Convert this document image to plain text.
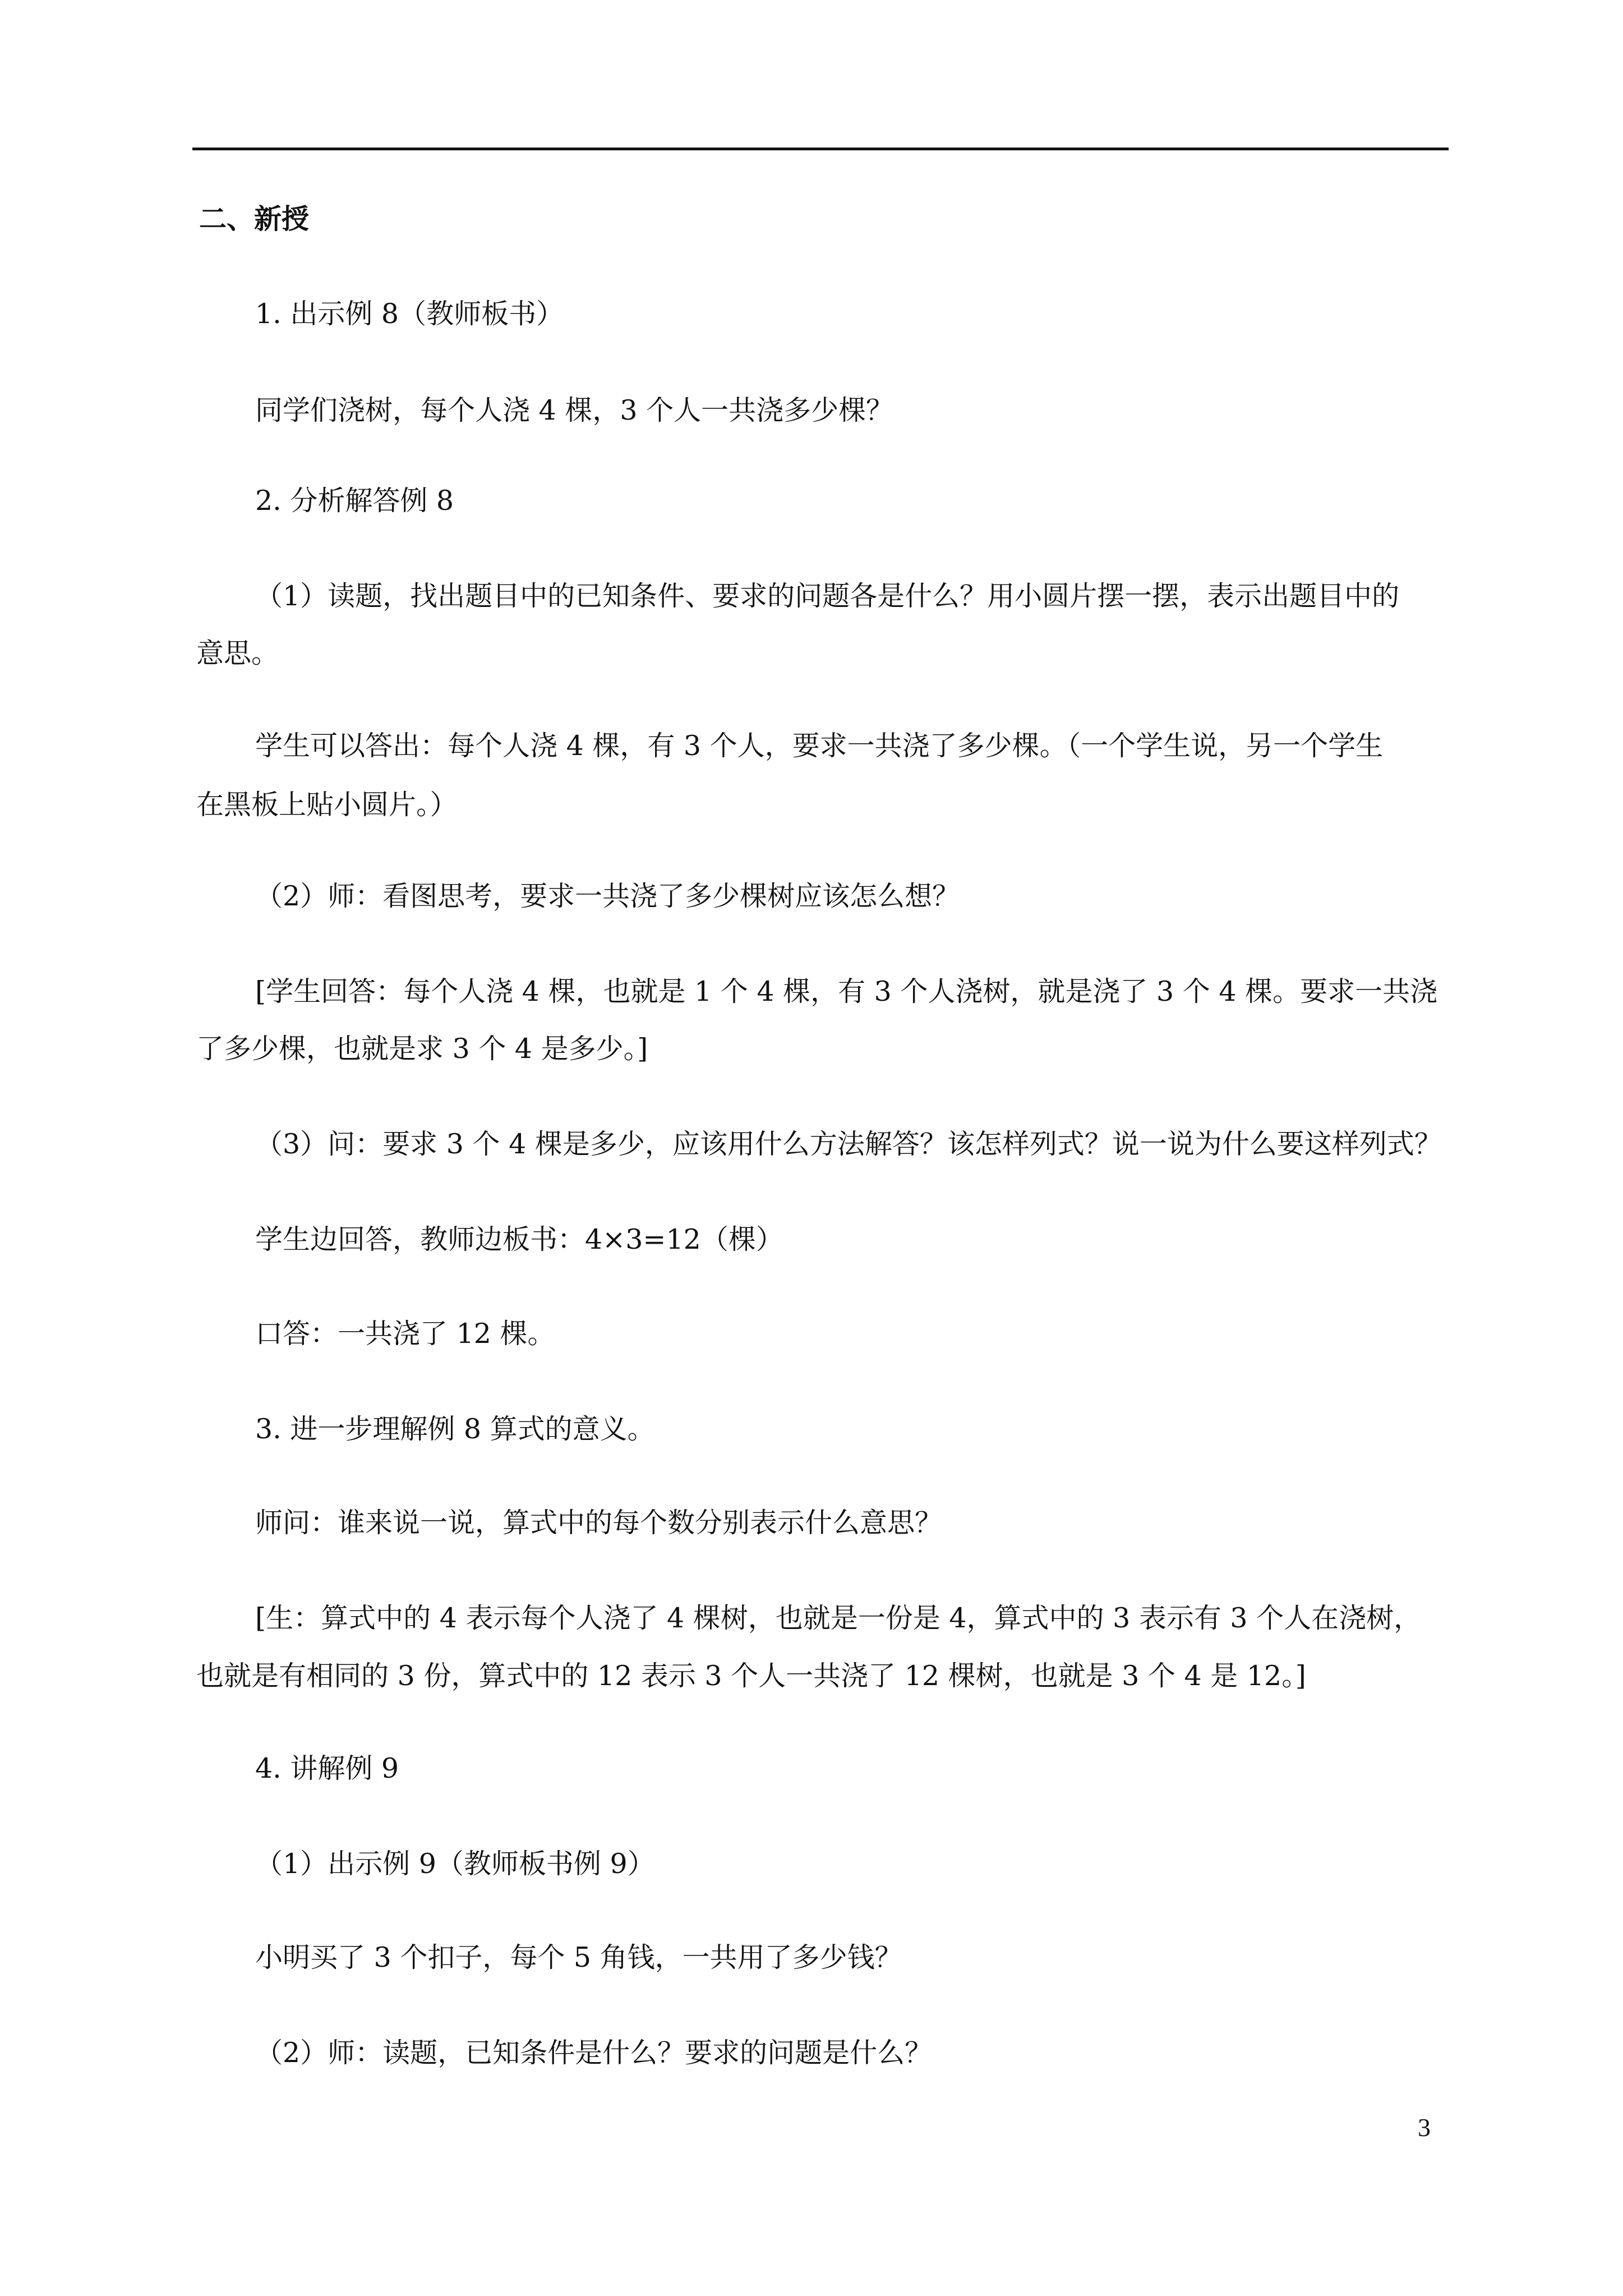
二、新授
1. 出示例 8（教师板书）
同学们浇树，每个人浇 4 棵，3 个人一共浇多少棵？
2. 分析解答例 8
（1）读题，找出题目中的已知条件、要求的问题各是什么？用小圆片摆一摆，表示出题目中的
意思。
学生可以答出：每个人浇 4 棵，有 3 个人，要求一共浇了多少棵。（一个学生说，另一个学生
在黑板上贴小圆片。）
（2）师：看图思考，要求一共浇了多少棵树应该怎么想？
[学生回答：每个人浇 4 棵，也就是 1 个 4 棵，有 3 个人浇树，就是浇了 3 个 4 棵。要求一共浇
了多少棵，也就是求 3 个 4 是多少。]
（3）问：要求 3 个 4 棵是多少，应该用什么方法解答？该怎样列式？说一说为什么要这样列式？
学生边回答，教师边板书：4×3=12（棵）
口答：一共浇了 12 棵。
3. 进一步理解例 8 算式的意义。
师问：谁来说一说，算式中的每个数分别表示什么意思？
[生：算式中的 4 表示每个人浇了 4 棵树，也就是一份是 4，算式中的 3 表示有 3 个人在浇树，
也就是有相同的 3 份，算式中的 12 表示 3 个人一共浇了 12 棵树，也就是 3 个 4 是 12。]
4. 讲解例 9
（1）出示例 9（教师板书例 9）
小明买了 3 个扣子，每个 5 角钱，一共用了多少钱？
（2）师：读题，已知条件是什么？要求的问题是什么？
3
